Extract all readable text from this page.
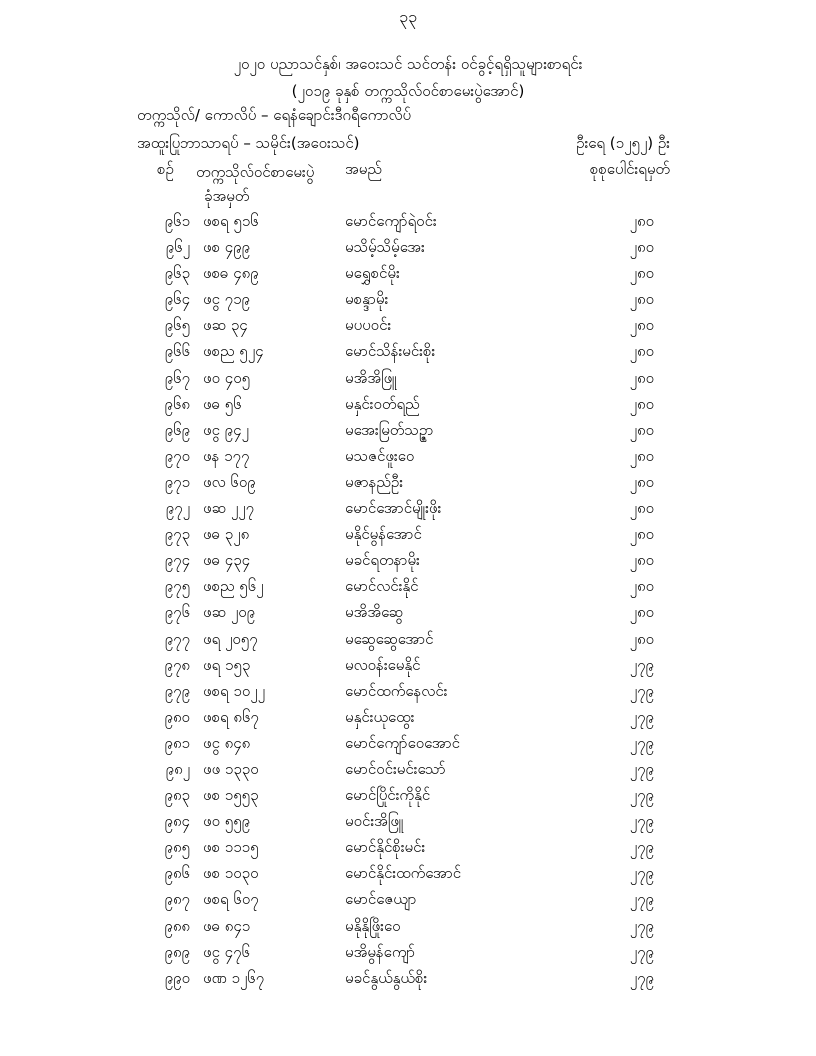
၃၃
၂၀၂၀ ပညာသင်နှစ်၊ အဝေးသင် သင်တန်း ဝင်ခွင့်ရရှိသူများစာရင်း
(၂၀၁၉ ခုနှစ် တက္ကသိုလ်ဝင်စာမေးပွဲအောင်)
တက္ကသိုလ်/ ကောလိပ် – ရေနံချောင်းဒီဂရီကောလိပ်
အထူးပြုဘာသာရပ် – သမိုင်း(အဝေးသင်)	ဦးရေ (၁၂၅၂) ဦး
စဉ် တက္ကသိုလ်ဝင်စာမေးပွဲ
ခုံအမှတ်
အမည်	စုစုပေါင်းရမှတ်
၉၆၁ ဖစရ ၅၁၆	မောင်ကျော်ရဲဝင်း	၂၈၀
၉၆၂ ဖစ ၄၉၉	မသိမ့်သိမ့်အေး	၂၈၀
၉၆၃ ဖစဓ ၄၈၉	မရွှေစင်မိုး	၂၈၀
၉၆၄ ဖငွ ၇၁၉	မစန္ဒာမိုး	၂၈၀
၉၆၅ ဖဆ ၃၄	မပပဝင်း	၂၈၀
၉၆၆ ဖစည ၅၂၄	မောင်သိန်းမင်းစိုး	၂၈၀
၉၆၇ ဖဝ ၄၀၅	မအိအိဖြူ	၂၈၀
၉၆၈ ဖဓ ၅၆	မနှင်းဝတ်ရည်	၂၈၀
၉၆၉ ဖငွ ၉၄၂	မအေးမြတ်သဉ္ဇာ	၂၈၀
၉၇၀ ဖန ၁၇၇	မသဇင်ဖူးဝေ	၂၈၀
၉၇၁ ဖလ ၆၀၉	မဇာနည်ဦး	၂၈၀
၉၇၂ ဖဆ ၂၂၇	မောင်အောင်မျိုးဖိုး	၂၈၀
၉၇၃ ဖဓ ၃၂၈	မနိုင်မွန်အောင်	၂၈၀
၉၇၄ ဖဓ ၄၃၄	မခင်ရတနာမိုး	၂၈၀
၉၇၅ ဖစည ၅၆၂	မောင်လင်းနိုင်	၂၈၀
၉၇၆ ဖဆ ၂၀၉	မအိအိဆွေ	၂၈၀
၉၇၇ ဖရ ၂၀၅၇	မဆွေဆွေအောင်	၂၈၀
၉၇၈ ဖရ ၁၅၃	မလဝန်းမေနိုင်	၂၇၉
၉၇၉ ဖစရ ၁၀၂၂	မောင်ထက်နေလင်း	၂၇၉
၉၈၀ ဖစရ ၈၆၇	မနှင်းယုထွေး	၂၇၉
၉၈၁ ဖငွ ၈၄၈	မောင်ကျော်ဝေအောင်	၂၇၉
၉၈၂ ဖဖ ၁၃၃၀	မောင်ဝင်းမင်းသော်	၂၇၉
၉၈၃ ဖစ ၁၅၅၃	မောင်ပြိုင်းကိုနိုင်	၂၇၉
၉၈၄ ဖဝ ၅၅၉	မဝင်းအိဖြူ	၂၇၉
၉၈၅ ဖစ ၁၁၁၅	မောင်နိုင်စိုးမင်း	၂၇၉
၉၈၆ ဖစ ၁၀၃၀	မောင်နိုင်းထက်အောင်	၂၇၉
၉၈၇ ဖစရ ၆၀၇	မောင်ဇေယျာ	၂၇၉
၉၈၈ ဖဓ ၈၄၁	မနိုနိုဖြိုးဝေ	၂၇၉
၉၈၉ ဖငွ ၄၇၆	မအိမွန်ကျော်	၂၇၉
၉၉၀ ဖဏ ၁၂၆၇	မခင်နွယ်နွယ်စိုး	၂၇၉
